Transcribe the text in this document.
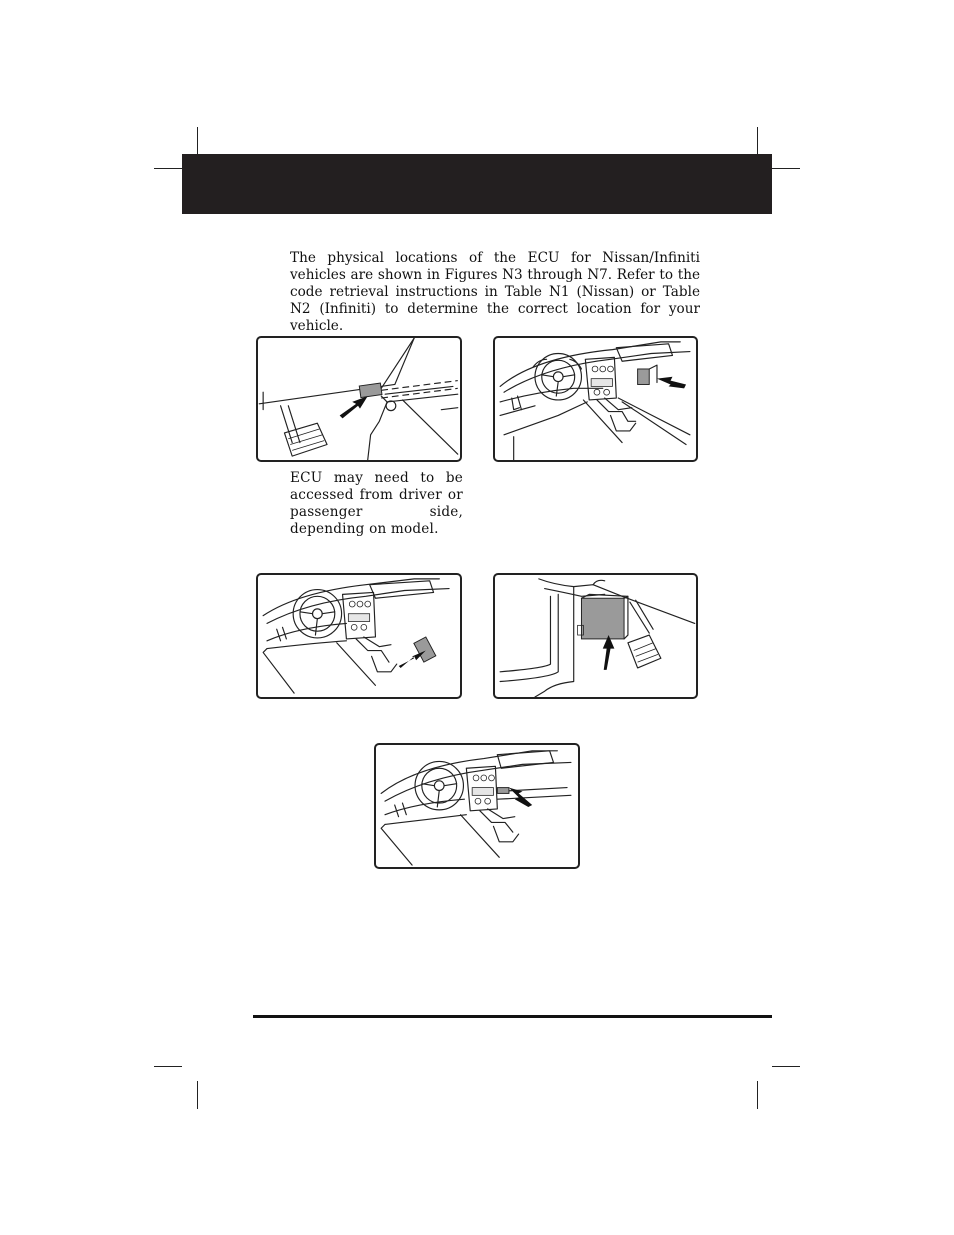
The physical locations of the ECU for Nissan/Infiniti vehicles are shown in Figures N3 through N7. Refer to the code retrieval instructions in Table N1 (Nissan) or Table N2 (Infiniti) to determine the correct location for your vehicle.

ECU may need to be accessed from driver or passenger side, depending on model.
